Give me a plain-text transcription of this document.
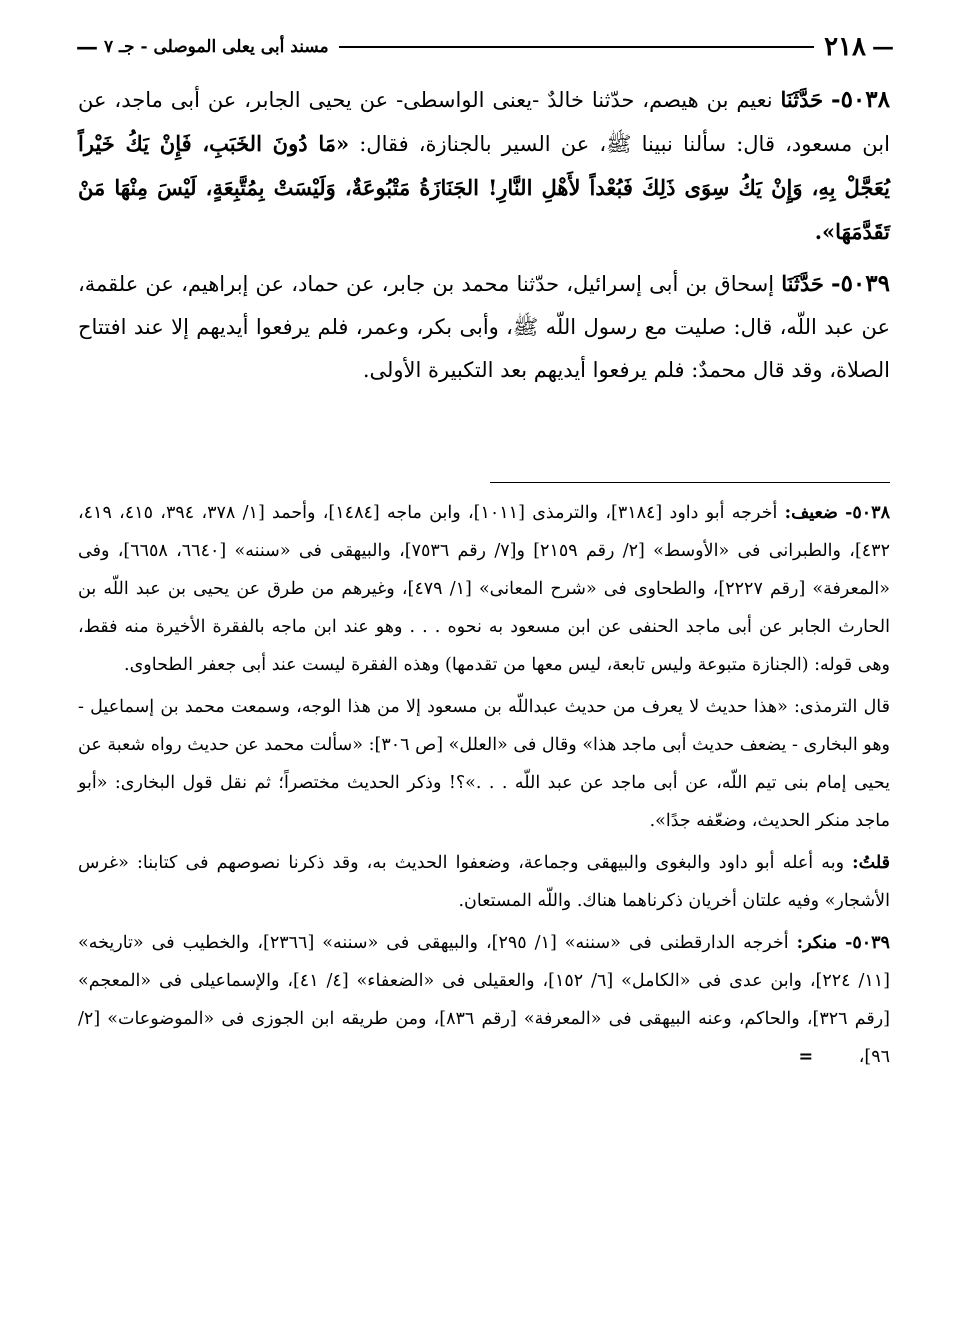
—
٢١٨
مسند أبى يعلى الموصلى - جـ ٧
—

٥٠٣٨- حَدَّثَنَا نعيم بن هيصم، حدّثنا خالدٌ -يعنى الواسطى- عن يحيى الجابر، عن أبى ماجد، عن ابن مسعود، قال: سألنا نبينا ﷺ، عن السير بالجنازة، فقال: «مَا دُونَ الخَبَبِ، فَإِنْ يَكُ خَيْراً يُعَجَّلْ بِهِ، وَإِنْ يَكُ سِوَى ذَلِكَ فَبُعْداً لأَهْلِ النَّارِ! الجَنَازَةُ مَتْبُوعَةٌ، وَلَيْسَتْ بِمُتَّبِعَةٍ، لَيْسَ مِنْهَا مَنْ تَقَدَّمَهَا».

٥٠٣٩- حَدَّثَنَا إسحاق بن أبى إسرائيل، حدّثنا محمد بن جابر، عن حماد، عن إبراهيم، عن علقمة، عن عبد اللّه، قال: صليت مع رسول اللّه ﷺ، وأبى بكر، وعمر، فلم يرفعوا أيديهم إلا عند افتتاح الصلاة، وقد قال محمدٌ: فلم يرفعوا أيديهم بعد التكبيرة الأولى.

٥٠٣٨- ضعيف: أخرجه أبو داود [٣١٨٤]، والترمذى [١٠١١]، وابن ماجه [١٤٨٤]، وأحمد [١/ ٣٧٨، ٣٩٤، ٤١٥، ٤١٩، ٤٣٢]، والطبرانى فى «الأوسط» [٢/ رقم ٢١٥٩] و[٧/ رقم ٧٥٣٦]، والبيهقى فى «سننه» [٦٦٤٠، ٦٦٥٨]، وفى «المعرفة» [رقم ٢٢٢٧]، والطحاوى فى «شرح المعانى» [١/ ٤٧٩]، وغيرهم من طرق عن يحيى بن عبد اللّه بن الحارث الجابر عن أبى ماجد الحنفى عن ابن مسعود به نحوه . . . وهو عند ابن ماجه بالفقرة الأخيرة منه فقط، وهى قوله: (الجنازة متبوعة وليس تابعة، ليس معها من تقدمها) وهذه الفقرة ليست عند أبى جعفر الطحاوى.

قال الترمذى: «هذا حديث لا يعرف من حديث عبداللّه بن مسعود إلا من هذا الوجه، وسمعت محمد بن إسماعيل - وهو البخارى - يضعف حديث أبى ماجد هذا» وقال فى «العلل» [ص ٣٠٦]: «سألت محمد عن حديث رواه شعبة عن يحيى إمام بنى تيم اللّه، عن أبى ماجد عن عبد اللّه . . .»؟! وذكر الحديث مختصراً؛ ثم نقل قول البخارى: «أبو ماجد منكر الحديث، وضعّفه جدًا».

قلتُ: وبه أعله أبو داود والبغوى والبيهقى وجماعة، وضعفوا الحديث به، وقد ذكرنا نصوصهم فى كتابنا: «غرس الأشجار» وفيه علتان أخريان ذكرناهما هناك. واللّه المستعان.

٥٠٣٩- منكر: أخرجه الدارقطنى فى «سننه» [١/ ٢٩٥]، والبيهقى فى «سننه» [٢٣٦٦]، والخطيب فى «تاريخه» [١١/ ٢٢٤]، وابن عدى فى «الكامل» [٦/ ١٥٢]، والعقيلى فى «الضعفاء» [٤/ ٤١]، والإسماعيلى فى «المعجم» [رقم ٣٢٦]، والحاكم، وعنه البيهقى فى «المعرفة» [رقم ٨٣٦]، ومن طريقه ابن الجوزى فى «الموضوعات» [٢/ ٩٦]، =
